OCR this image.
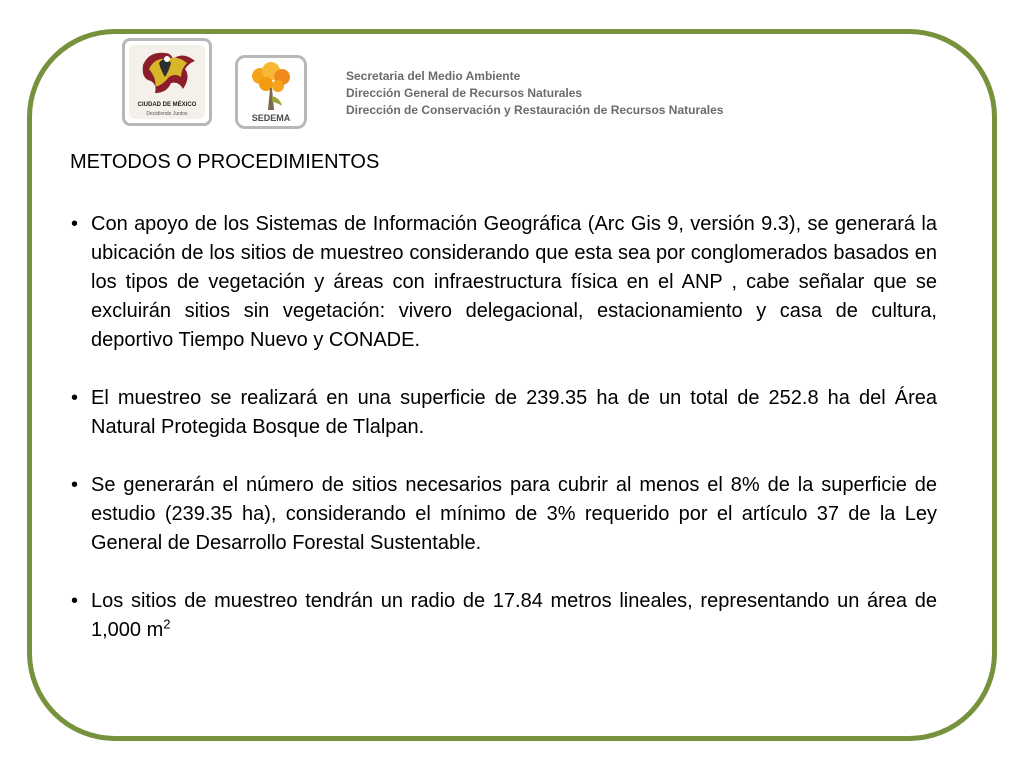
CIUDAD DE MÉXICO
Decidiendo Juntos	SEDEMA
Secretaria del Medio Ambiente
Dirección General de Recursos Naturales
Dirección de Conservación y Restauración de Recursos Naturales
METODOS O PROCEDIMIENTOS
• Con apoyo de los Sistemas de Información Geográfica (Arc Gis 9, versión 9.3), se generará la ubicación de los sitios de muestreo considerando que esta sea por conglomerados basados en los tipos de vegetación y áreas con infraestructura física en el ANP , cabe señalar que se excluirán sitios sin vegetación: vivero delegacional, estacionamiento y casa de cultura, deportivo Tiempo Nuevo y CONADE.
• El muestreo se realizará en una superficie de 239.35 ha de un total de 252.8 ha del Área Natural Protegida Bosque de Tlalpan.
• Se generarán el número de sitios necesarios para cubrir al menos el 8% de la superficie de estudio (239.35 ha), considerando el mínimo de 3% requerido por el artículo 37 de la Ley General de Desarrollo Forestal Sustentable.
• Los sitios de muestreo tendrán un radio de 17.84 metros lineales, representando un área de 1,000 $m^2$
